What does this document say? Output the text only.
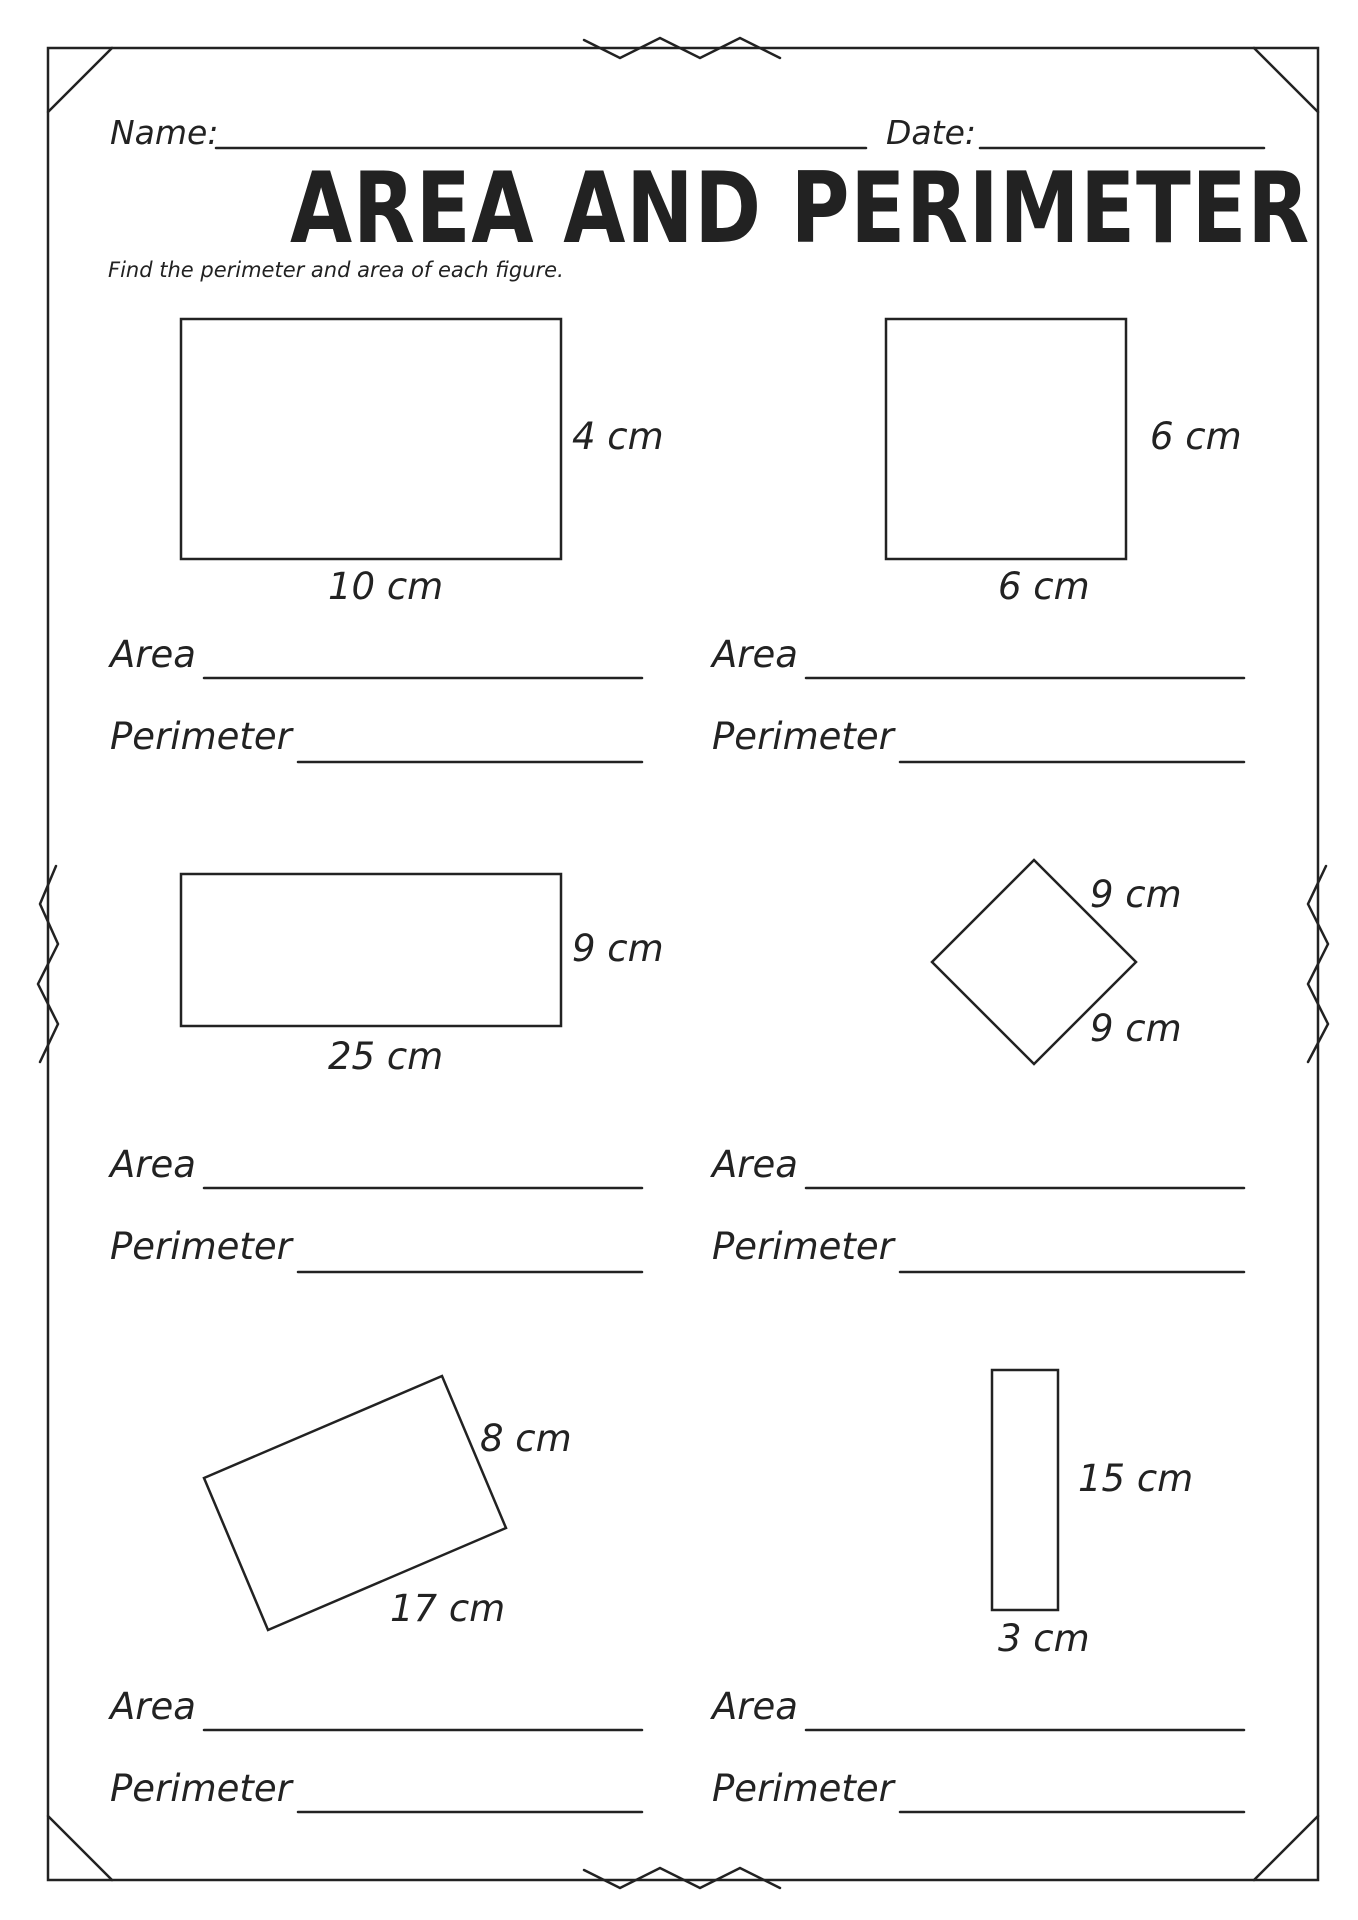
Name:	Date:
AREA AND PERIMETER
Find the perimeter and area of each figure.
4 cm
10 cm
Area
Perimeter
6 cm
6 cm
Area
Perimeter
9 cm
25 cm
Area
Perimeter
9 cm
9 cm
Area
Perimeter
8 cm
17 cm
Area
Perimeter
15 cm
3 cm
Area
Perimeter
